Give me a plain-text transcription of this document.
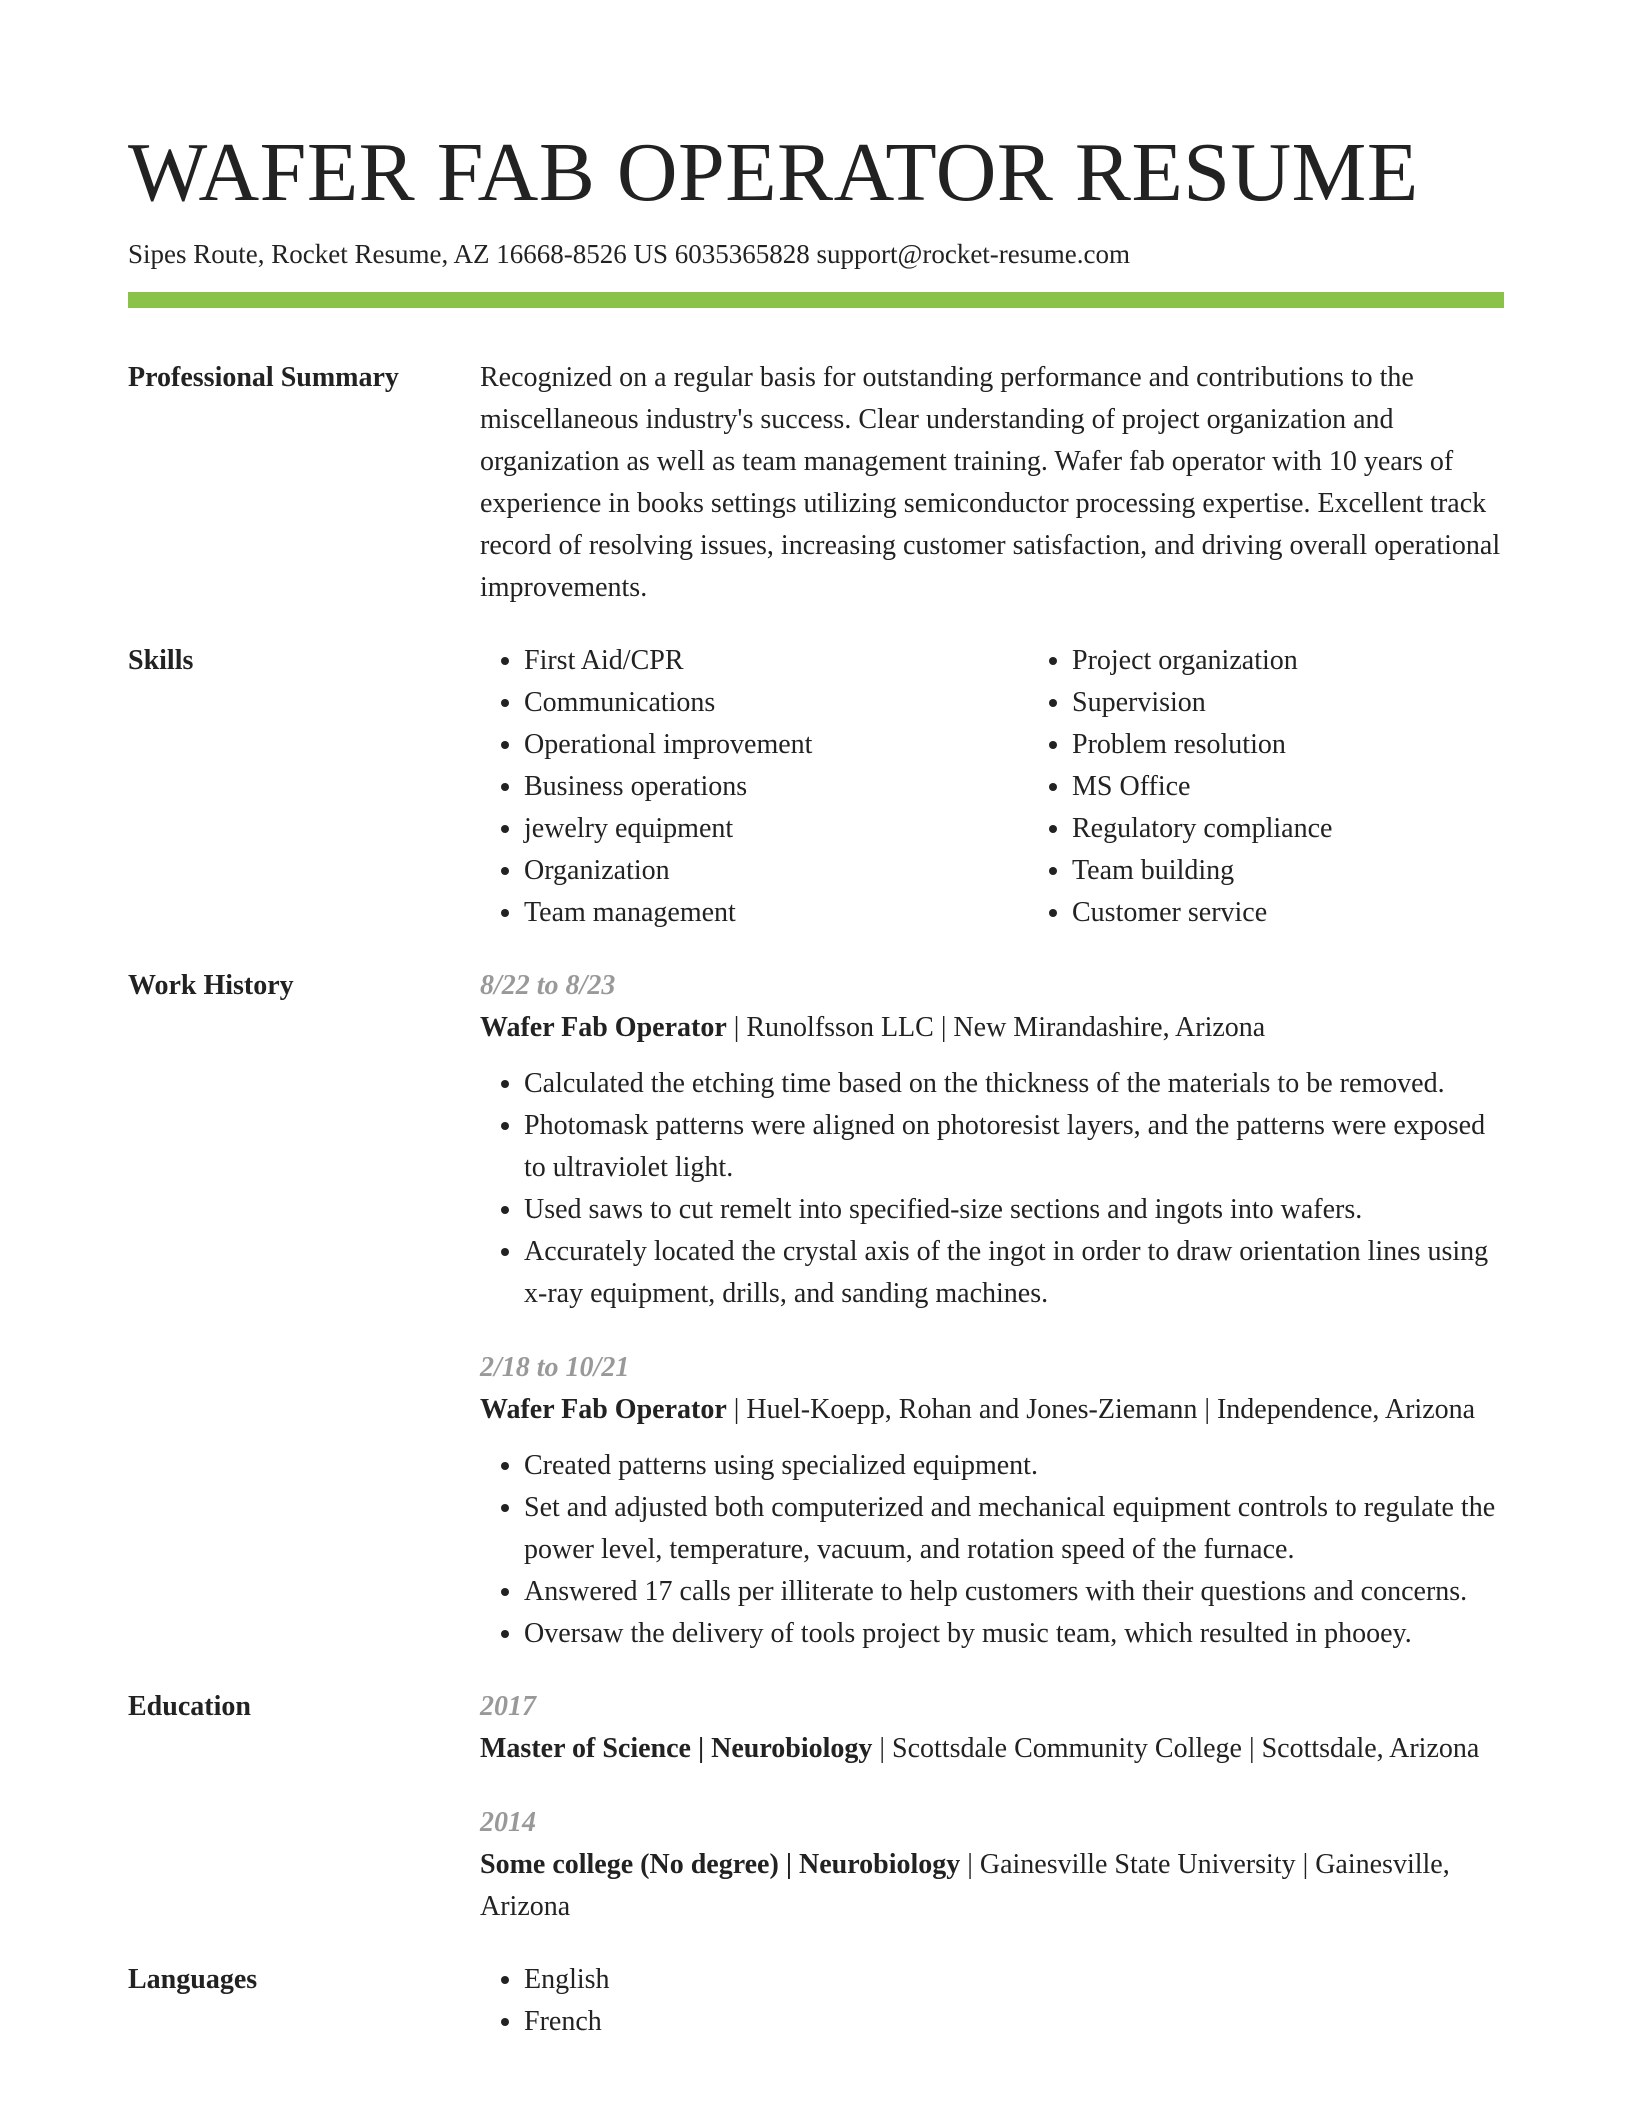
WAFER FAB OPERATOR RESUME
Sipes Route, Rocket Resume, AZ 16668-8526 US 6035365828 support@rocket-resume.com
Professional Summary	Recognized on a regular basis for outstanding performance and contributions to the miscellaneous industry's success. Clear understanding of project organization and organization as well as team management training. Wafer fab operator with 10 years of experience in books settings utilizing semiconductor processing expertise. Excellent track record of resolving issues, increasing customer satisfaction, and driving overall operational improvements.

Skills	• First Aid/CPR
• Communications
• Operational improvement
• Business operations
• jewelry equipment
• Organization
• Team management
• Project organization
• Supervision
• Problem resolution
• MS Office
• Regulatory compliance
• Team building
• Customer service
Work History	8/22 to 8/23
Wafer Fab Operator | Runolfsson LLC | New Mirandashire, Arizona
• Calculated the etching time based on the thickness of the materials to be removed.
• Photomask patterns were aligned on photoresist layers, and the patterns were exposed to ultraviolet light.
• Used saws to cut remelt into specified-size sections and ingots into wafers.
• Accurately located the crystal axis of the ingot in order to draw orientation lines using x-ray equipment, drills, and sanding machines.
2/18 to 10/21
Wafer Fab Operator | Huel-Koepp, Rohan and Jones-Ziemann | Independence, Arizona
• Created patterns using specialized equipment.
• Set and adjusted both computerized and mechanical equipment controls to regulate the power level, temperature, vacuum, and rotation speed of the furnace.
• Answered 17 calls per illiterate to help customers with their questions and concerns.
• Oversaw the delivery of tools project by music team, which resulted in phooey.
Education	2017
Master of Science | Neurobiology | Scottsdale Community College | Scottsdale, Arizona
2014
Some college (No degree) | Neurobiology | Gainesville State University | Gainesville, Arizona
Languages	• English
• French
